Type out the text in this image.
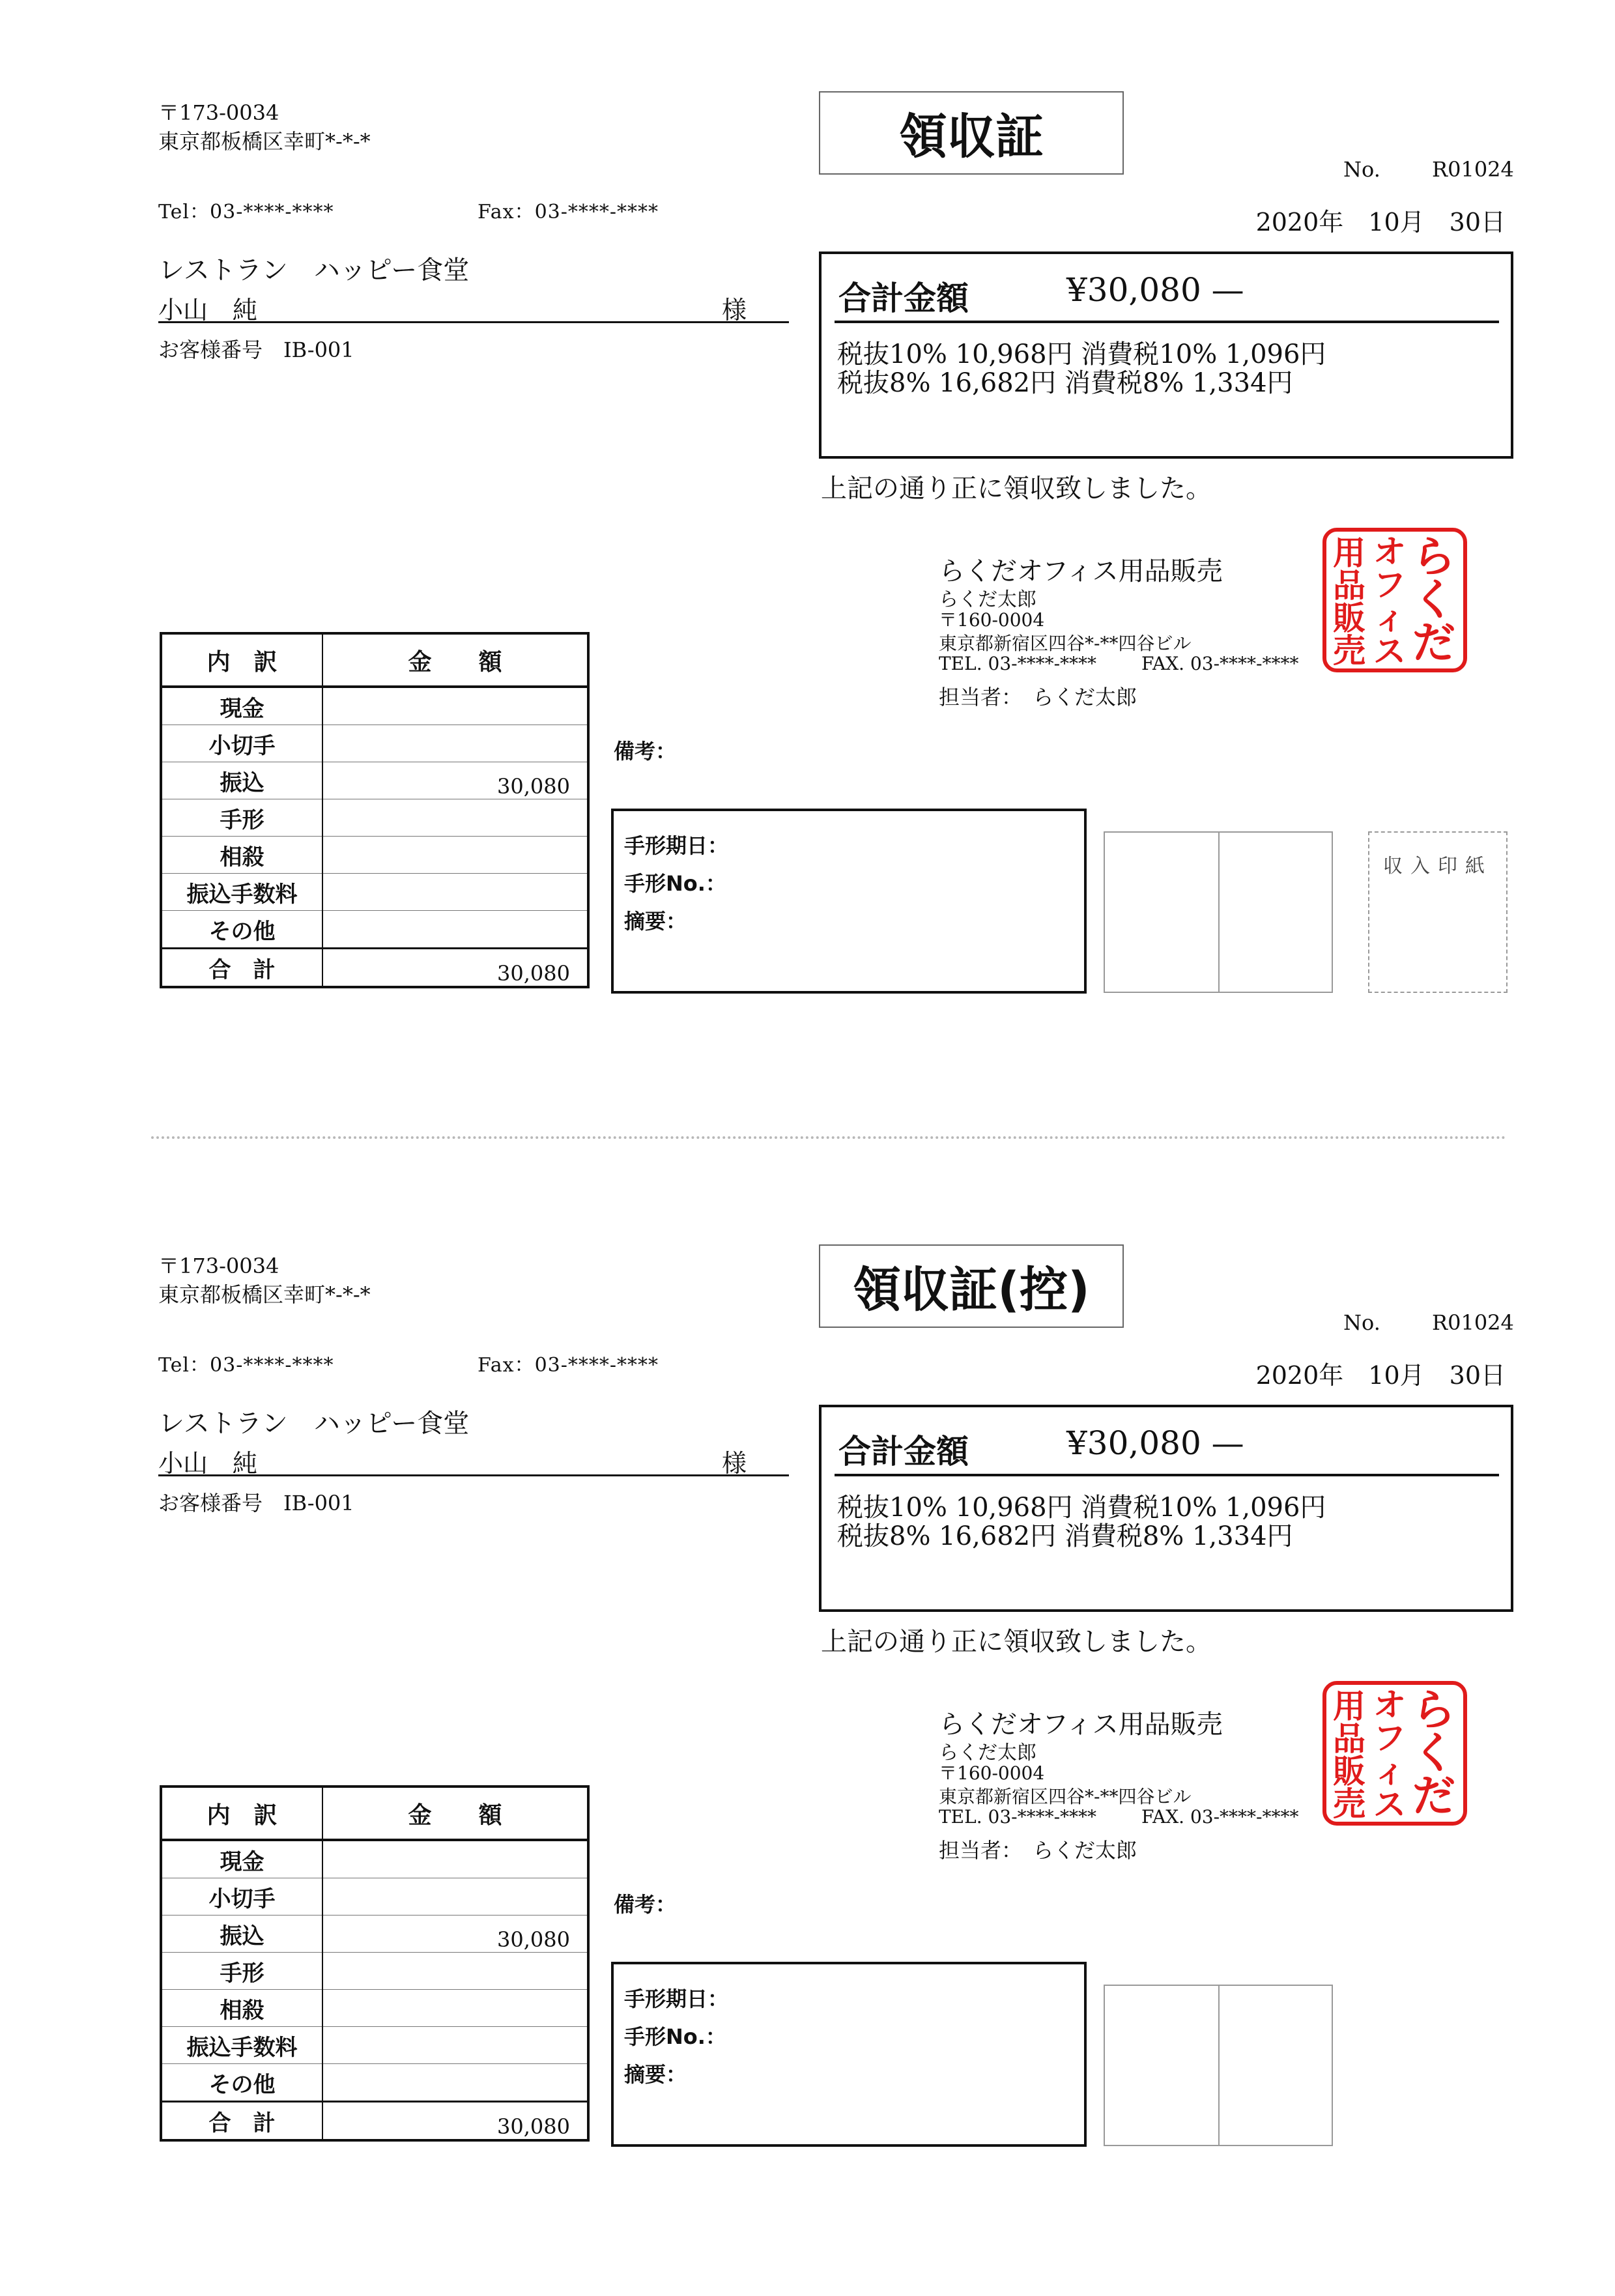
〒173-0034
東京都板橋区幸町*-*-*
Tel：03-****-****	Fax：03-****-****
領収証
No. R01024
2020年　10月　30日
レストラン　ハッピー食堂
小山　純	様
お客様番号　IB-001
合計金額	¥30,080 —
税抜10% 10,968円 消費税10% 1,096円
税抜8% 16,682円 消費税8% 1,334円
上記の通り正に領収致しました。
らくだオフィス用品販売
らくだ太郎
〒160-0004
東京都新宿区四谷*-**四谷ビル
TEL. 03-****-**** FAX. 03-****-****
担当者：　らくだ太郎
ら
く
だ
オ
フ
ィ
ス
用
品
販
売
内　訳	金　　額
現金	
小切手	
振込	30,080
手形	
相殺	
振込手数料	
その他	
合　計	30,080
備考：
手形期日：
手形No.：
摘要：
収入印紙
〒173-0034
東京都板橋区幸町*-*-*
Tel：03-****-****	Fax：03-****-****
領収証(控)
No. R01024
2020年　10月　30日
レストラン　ハッピー食堂
小山　純	様
お客様番号　IB-001
合計金額	¥30,080 —
税抜10% 10,968円 消費税10% 1,096円
税抜8% 16,682円 消費税8% 1,334円
上記の通り正に領収致しました。
らくだオフィス用品販売
らくだ太郎
〒160-0004
東京都新宿区四谷*-**四谷ビル
TEL. 03-****-**** FAX. 03-****-****
担当者：　らくだ太郎
ら
く
だ
オ
フ
ィ
ス
用
品
販
売
内　訳	金　　額
現金	
小切手	
振込	30,080
手形	
相殺	
振込手数料	
その他	
合　計	30,080
備考：
手形期日：
手形No.：
摘要：
